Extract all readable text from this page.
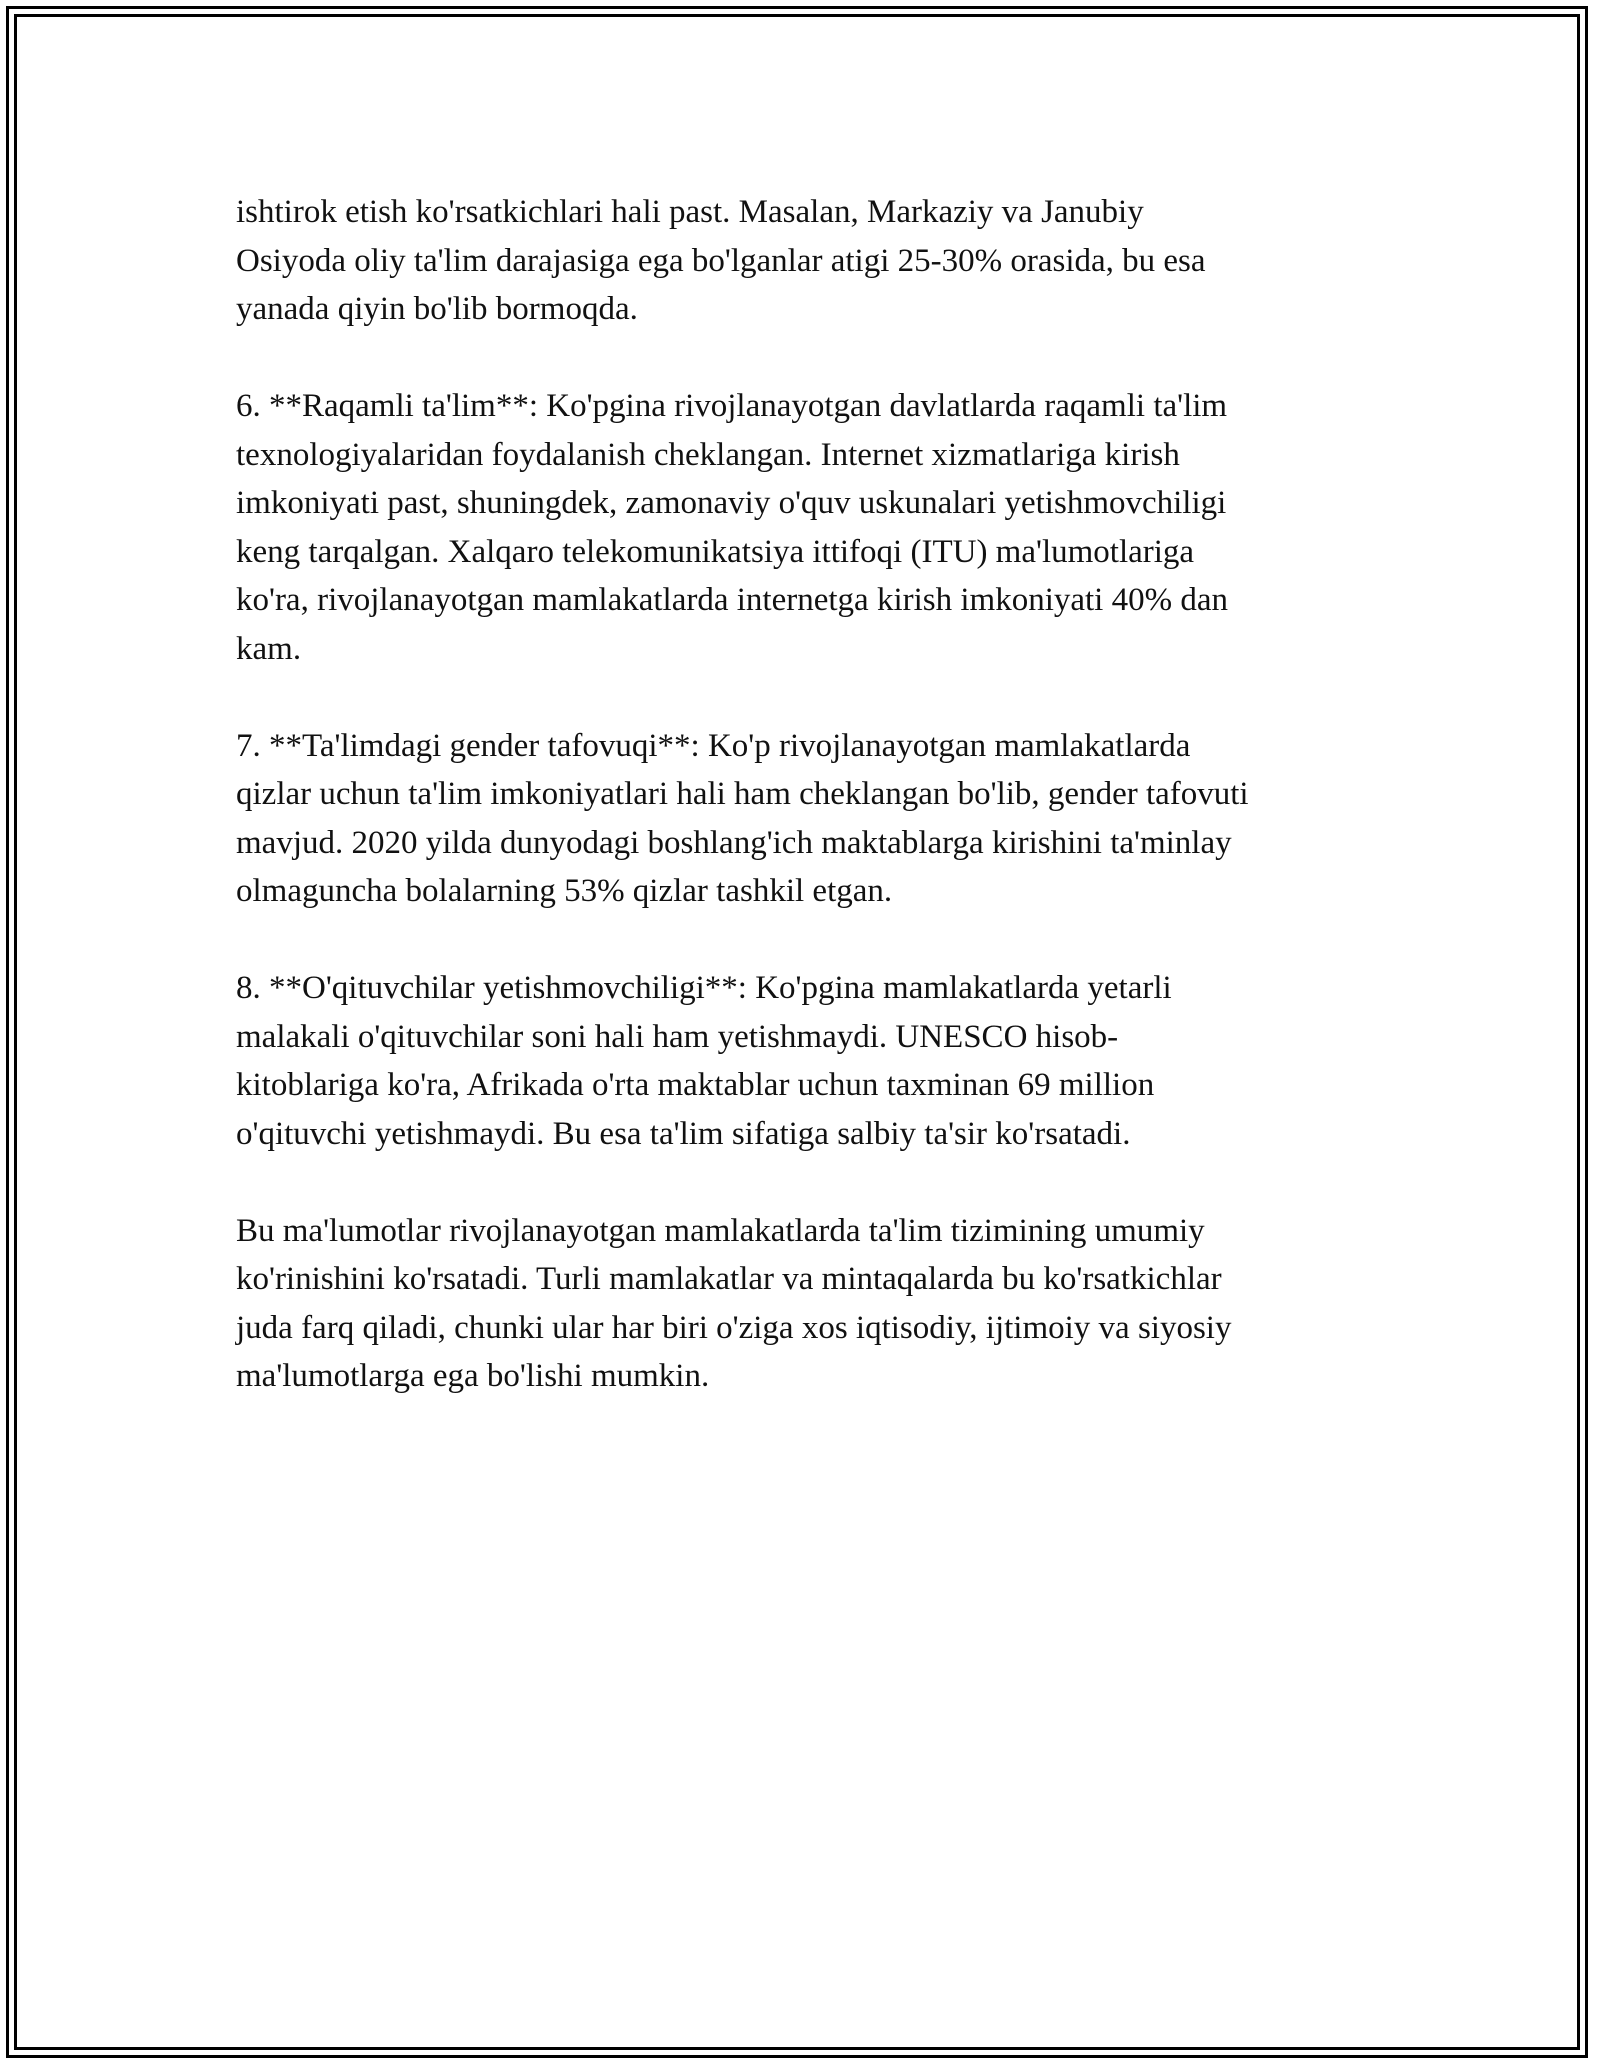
ishtirok etish ko'rsatkichlari hali past. Masalan, Markaziy va Janubiy
Osiyoda oliy ta'lim darajasiga ega bo'lganlar atigi 25-30% orasida, bu esa
yanada qiyin bo'lib bormoqda.

6. **Raqamli ta'lim**: Ko'pgina rivojlanayotgan davlatlarda raqamli ta'lim
texnologiyalaridan foydalanish cheklangan. Internet xizmatlariga kirish
imkoniyati past, shuningdek, zamonaviy o'quv uskunalari yetishmovchiligi
keng tarqalgan. Xalqaro telekomunikatsiya ittifoqi (ITU) ma'lumotlariga
ko'ra, rivojlanayotgan mamlakatlarda internetga kirish imkoniyati 40% dan
kam.

7. **Ta'limdagi gender tafovuqi**: Ko'p rivojlanayotgan mamlakatlarda
qizlar uchun ta'lim imkoniyatlari hali ham cheklangan bo'lib, gender tafovuti
mavjud. 2020 yilda dunyodagi boshlang'ich maktablarga kirishini ta'minlay
olmaguncha bolalarning 53% qizlar tashkil etgan.

8. **O'qituvchilar yetishmovchiligi**: Ko'pgina mamlakatlarda yetarli
malakali o'qituvchilar soni hali ham yetishmaydi. UNESCO hisob-
kitoblariga ko'ra, Afrikada o'rta maktablar uchun taxminan 69 million
o'qituvchi yetishmaydi. Bu esa ta'lim sifatiga salbiy ta'sir ko'rsatadi.

Bu ma'lumotlar rivojlanayotgan mamlakatlarda ta'lim tizimining umumiy
ko'rinishini ko'rsatadi. Turli mamlakatlar va mintaqalarda bu ko'rsatkichlar
juda farq qiladi, chunki ular har biri o'ziga xos iqtisodiy, ijtimoiy va siyosiy
ma'lumotlarga ega bo'lishi mumkin.
